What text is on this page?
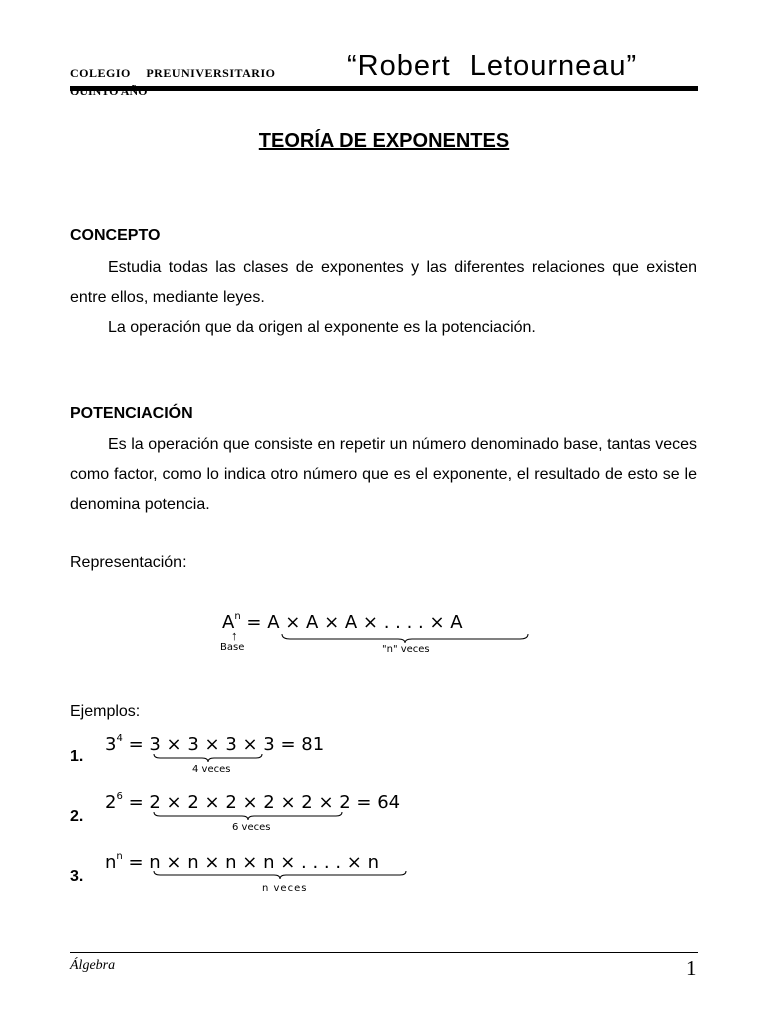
COLEGIO PREUNIVERSITARIO “Robert Letourneau”
TEORÍA DE EXPONENTES
CONCEPTO

Estudia todas las clases de exponentes y las diferentes relaciones que existen entre ellos, mediante leyes.

La operación que da origen al exponente es la potenciación.

POTENCIACIÓN

Es la operación que consiste en repetir un número denominado base, tantas veces como factor, como lo indica otro número que es el exponente, el resultado de esto se le denomina potencia.

Representación:
$A^n = A \times A \times A$ × . . . . × A
↑
Base	"n" veces
Ejemplos:
1.
$3^4 = 3 \times 3 \times 3 \times 3 = 81$
4 veces
2.
$2^6 = 2 \times 2 \times 2 \times 2 \times 2 \times 2 = 64$
6 veces
3.
$n^n = n \times n \times n \times n$ × . . . . × n
n veces
Álgebra	1
